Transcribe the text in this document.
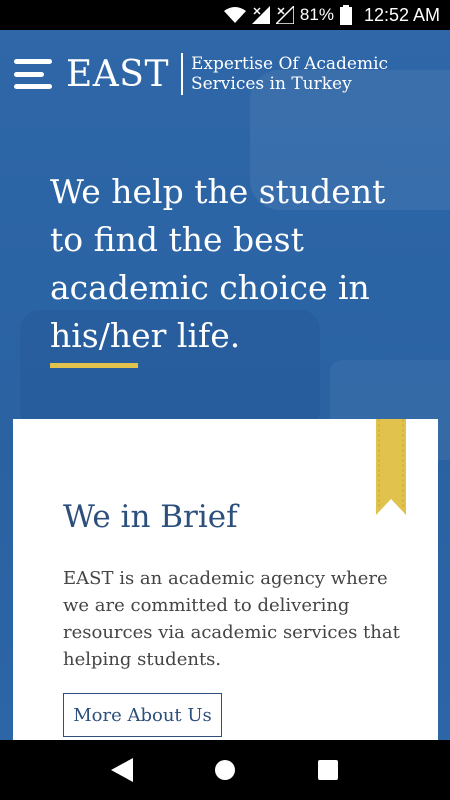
81% 12:52 AM
EAST Expertise Of Academic
Services in Turkey
We help the student
to find the best
academic choice in
his/her life.
We in Brief
EAST is an academic agency where
we are committed to delivering
resources via academic services that
helping students.
More About Us
